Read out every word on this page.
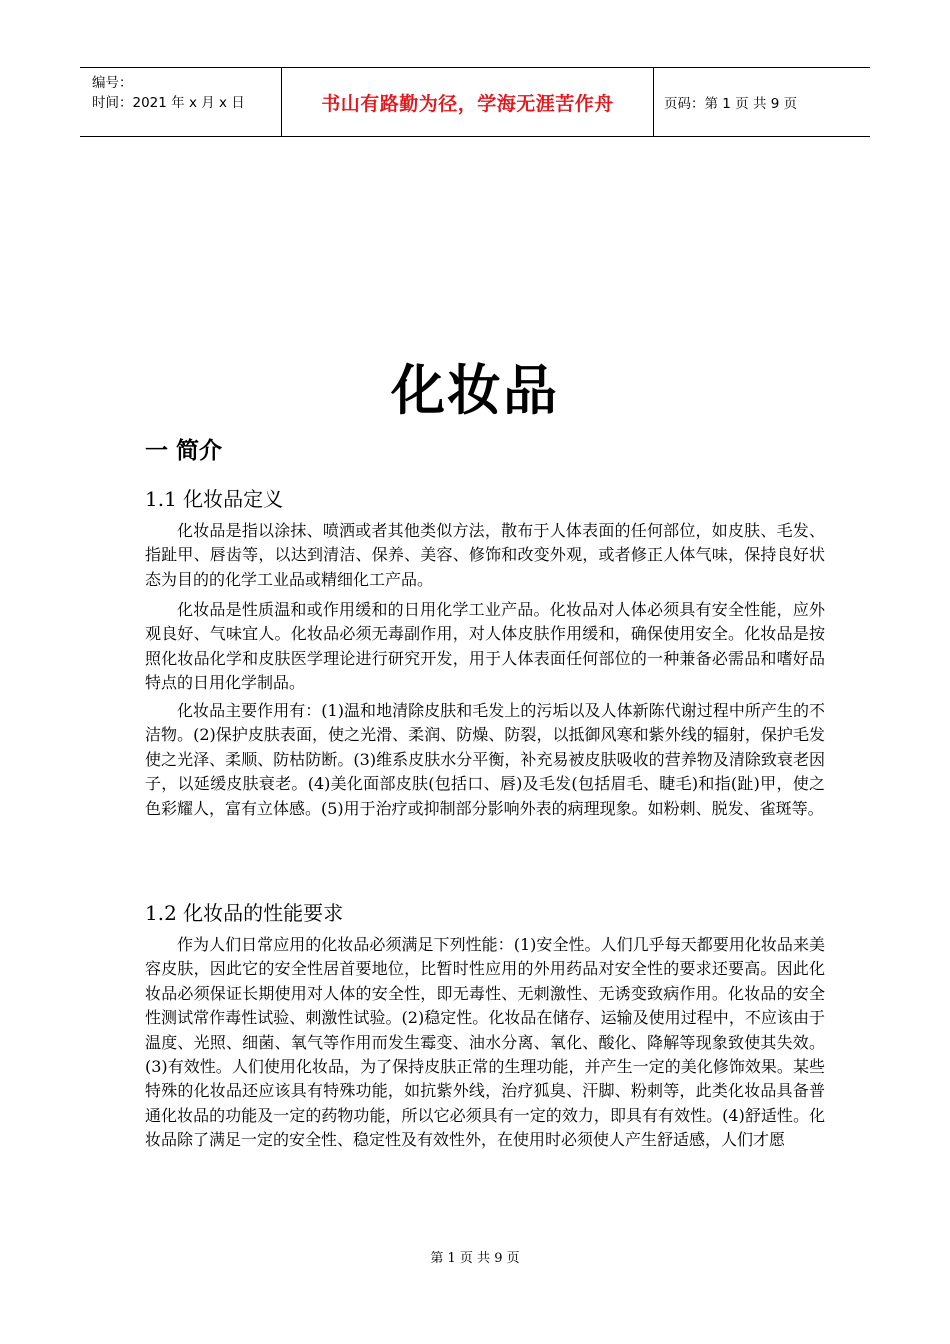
编号：
时间：2021 年 x 月 x 日	书山有路勤为径，学海无涯苦作舟	页码：第 1 页 共 9 页
化妆品
一 简介
1.1 化妆品定义

化妆品是指以涂抹、喷洒或者其他类似方法，散布于人体表面的任何部位，如皮肤、毛发、指趾甲、唇齿等，以达到清洁、保养、美容、修饰和改变外观，或者修正人体气味，保持良好状态为目的的化学工业品或精细化工产品。

化妆品是性质温和或作用缓和的日用化学工业产品。化妆品对人体必须具有安全性能，应外观良好、气味宜人。化妆品必须无毒副作用，对人体皮肤作用缓和，确保使用安全。化妆品是按照化妆品化学和皮肤医学理论进行研究开发，用于人体表面任何部位的一种兼备必需品和嗜好品特点的日用化学制品。

化妆品主要作用有：(1)温和地清除皮肤和毛发上的污垢以及人体新陈代谢过程中所产生的不洁物。(2)保护皮肤表面，使之光滑、柔润、防燥、防裂，以抵御风寒和紫外线的辐射，保护毛发使之光泽、柔顺、防枯防断。(3)维系皮肤水分平衡，补充易被皮肤吸收的营养物及清除致衰老因子，以延缓皮肤衰老。(4)美化面部皮肤(包括口、唇)及毛发(包括眉毛、睫毛)和指(趾)甲，使之色彩耀人，富有立体感。(5)用于治疗或抑制部分影响外表的病理现象。如粉刺、脱发、雀斑等。

1.2 化妆品的性能要求

作为人们日常应用的化妆品必须满足下列性能：(1)安全性。人们几乎每天都要用化妆品来美容皮肤，因此它的安全性居首要地位，比暂时性应用的外用药品对安全性的要求还要高。因此化妆品必须保证长期使用对人体的安全性，即无毒性、无刺激性、无诱变致病作用。化妆品的安全性测试常作毒性试验、刺激性试验。(2)稳定性。化妆品在储存、运输及使用过程中，不应该由于温度、光照、细菌、氧气等作用而发生霉变、油水分离、氧化、酸化、降解等现象致使其失效。(3)有效性。人们使用化妆品，为了保持皮肤正常的生理功能，并产生一定的美化修饰效果。某些特殊的化妆品还应该具有特殊功能，如抗紫外线，治疗狐臭、汗脚、粉刺等，此类化妆品具备普通化妆品的功能及一定的药物功能，所以它必须具有一定的效力，即具有有效性。(4)舒适性。化妆品除了满足一定的安全性、稳定性及有效性外，在使用时必须使人产生舒适感，人们才愿

第 1 页 共 9 页
